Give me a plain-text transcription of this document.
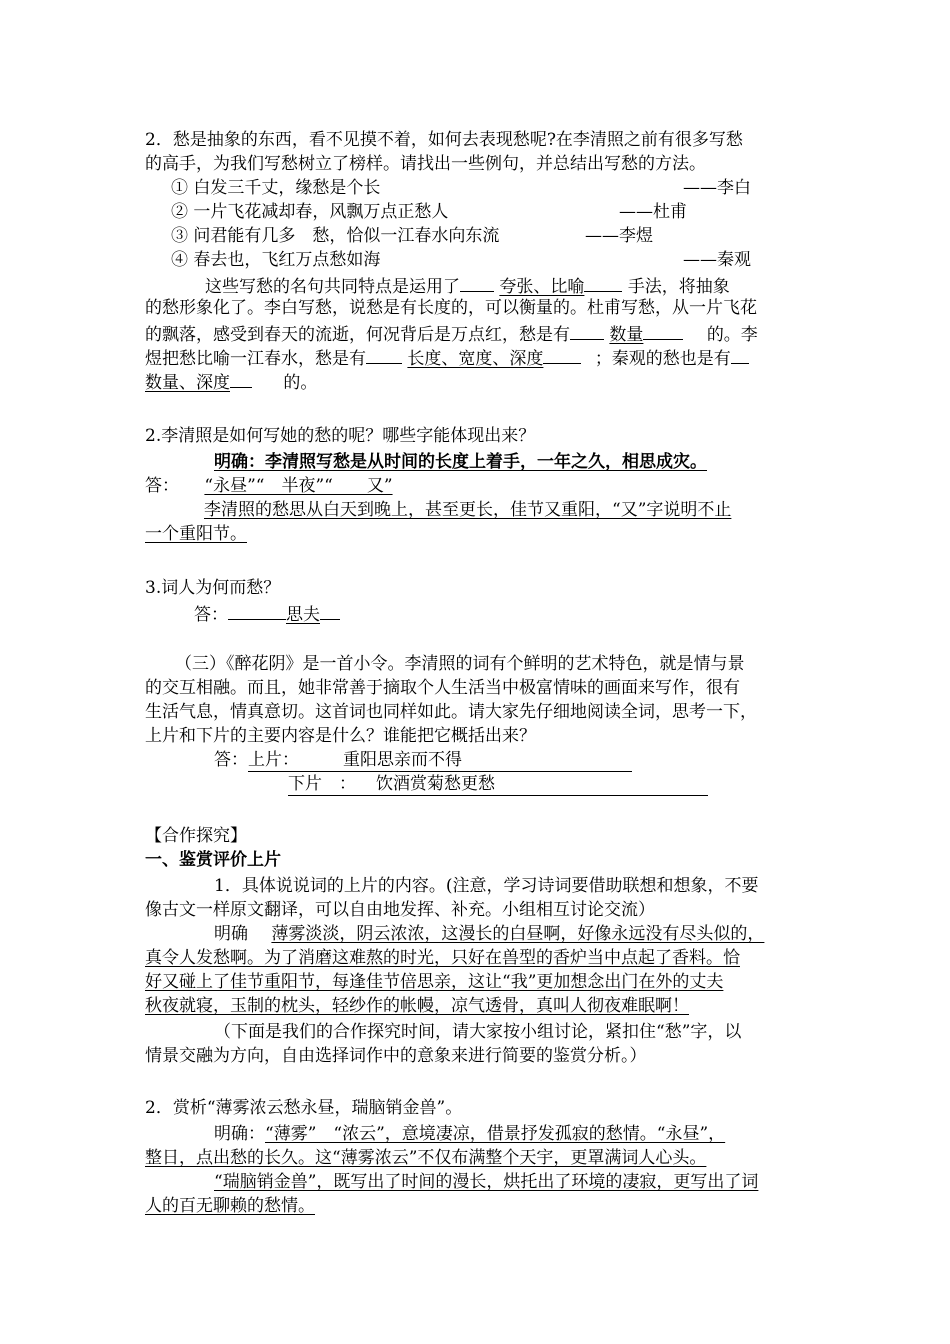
2．愁是抽象的东西，看不见摸不着，如何去表现愁呢?在李清照之前有很多写愁
的高手，为我们写愁树立了榜样。请找出一些例句，并总结出写愁的方法。
① 白发三千丈，缘愁是个长	——李白
② 一片飞花减却春，风飘万点正愁人	——杜甫
③ 问君能有几多　愁，恰似一江春水向东流	——李煜
④ 春去也，飞红万点愁如海	——秦观
这些写愁的名句共同特点是运用了 夸张、比喻	手法，将抽象
的愁形象化了。李白写愁，说愁是有长度的，可以衡量的。杜甫写愁，从一片飞花
的飘落，感受到春天的流逝，何况背后是万点红，愁是有 数量	的。李
煜把愁比喻一江春水，愁是有 长度、宽度、深度	；秦观的愁也是有
数量、深度	的。
2.李清照是如何写她的愁的呢？哪些字能体现出来？
明确：李清照写愁是从时间的长度上着手，一年之久，相思成灾。
答： “永昼”“　半夜”“　　又”
李清照的愁思从白天到晚上，甚至更长，佳节又重阳，“又”字说明不止
一个重阳节。
3.词人为何而愁？
答：	思夫
（三）《醉花阴》是一首小令。李清照的词有个鲜明的艺术特色，就是情与景
的交互相融。而且，她非常善于摘取个人生活当中极富情味的画面来写作，很有
生活气息，情真意切。这首词也同样如此。请大家先仔细地阅读全词，思考一下，
上片和下片的主要内容是什么？谁能把它概括出来？
答：上片：	重阳思亲而不得
下片　： 饮酒赏菊愁更愁
【合作探究】
一、鉴赏评价上片
1．具体说说词的上片的内容。(注意，学习诗词要借助联想和想象，不要
像古文一样原文翻译，可以自由地发挥、补充。小组相互讨论交流）
明确 薄雾淡淡，阴云浓浓，这漫长的白昼啊，好像永远没有尽头似的，
真令人发愁啊。为了消磨这难熬的时光，只好在兽型的香炉当中点起了香料。恰
好又碰上了佳节重阳节，每逢佳节倍思亲，这让“我”更加想念出门在外的丈夫
秋夜就寝，玉制的枕头，轻纱作的帐幔，凉气透骨，真叫人彻夜难眠啊！
（下面是我们的合作探究时间，请大家按小组讨论，紧扣住“愁”字，以
情景交融为方向，自由选择词作中的意象来进行简要的鉴赏分析。）
2．赏析“薄雾浓云愁永昼，瑞脑销金兽”。
明确：“薄雾”　“浓云”，意境凄凉，借景抒发孤寂的愁情。“永昼”，
整日，点出愁的长久。这“薄雾浓云”不仅布满整个天宇，更罩满词人心头。
“瑞脑销金兽”，既写出了时间的漫长，烘托出了环境的凄寂，更写出了词
人的百无聊赖的愁情。
